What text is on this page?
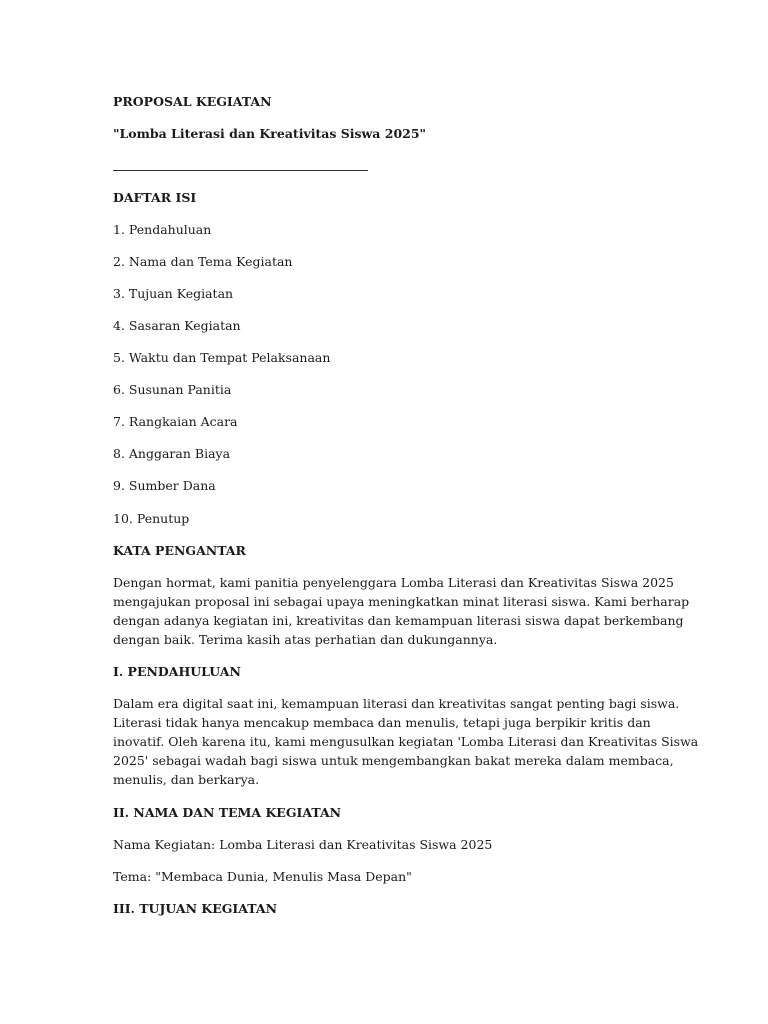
PROPOSAL KEGIATAN
"Lomba Literasi dan Kreativitas Siswa 2025"
DAFTAR ISI
1. Pendahuluan
2. Nama dan Tema Kegiatan
3. Tujuan Kegiatan
4. Sasaran Kegiatan
5. Waktu dan Tempat Pelaksanaan
6. Susunan Panitia
7. Rangkaian Acara
8. Anggaran Biaya
9. Sumber Dana
10. Penutup
KATA PENGANTAR
Dengan hormat, kami panitia penyelenggara Lomba Literasi dan Kreativitas Siswa 2025
mengajukan proposal ini sebagai upaya meningkatkan minat literasi siswa. Kami berharap
dengan adanya kegiatan ini, kreativitas dan kemampuan literasi siswa dapat berkembang
dengan baik. Terima kasih atas perhatian dan dukungannya.
I. PENDAHULUAN
Dalam era digital saat ini, kemampuan literasi dan kreativitas sangat penting bagi siswa.
Literasi tidak hanya mencakup membaca dan menulis, tetapi juga berpikir kritis dan
inovatif. Oleh karena itu, kami mengusulkan kegiatan 'Lomba Literasi dan Kreativitas Siswa
2025' sebagai wadah bagi siswa untuk mengembangkan bakat mereka dalam membaca,
menulis, dan berkarya.
II. NAMA DAN TEMA KEGIATAN
Nama Kegiatan: Lomba Literasi dan Kreativitas Siswa 2025
Tema: "Membaca Dunia, Menulis Masa Depan"
III. TUJUAN KEGIATAN
